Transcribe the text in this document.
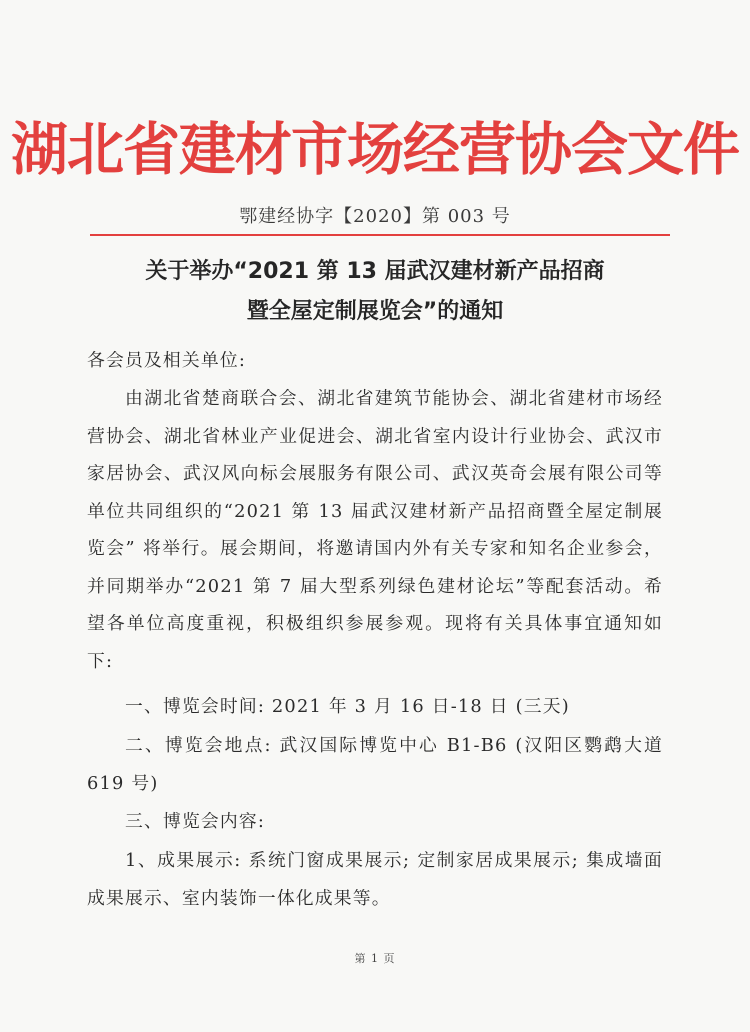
湖北省建材市场经营协会文件
鄂建经协字【2020】第 003 号
关于举办“2021 第 13 届武汉建材新产品招商
暨全屋定制展览会”的通知
各会员及相关单位:
由湖北省楚商联合会、湖北省建筑节能协会、湖北省建材市场经营协会、湖北省林业产业促进会、湖北省室内设计行业协会、武汉市家居协会、武汉风向标会展服务有限公司、武汉英奇会展有限公司等单位共同组织的“2021 第 13 届武汉建材新产品招商暨全屋定制展览会” 将举行。展会期间，将邀请国内外有关专家和知名企业参会，并同期举办“2021 第 7 届大型系列绿色建材论坛”等配套活动。希望各单位高度重视，积极组织参展参观。现将有关具体事宜通知如下:
一、博览会时间: 2021 年 3 月 16 日-18 日 (三天)
二、博览会地点: 武汉国际博览中心 B1-B6 (汉阳区鹦鹉大道 619 号)
三、博览会内容:
1、成果展示: 系统门窗成果展示; 定制家居成果展示; 集成墙面成果展示、室内装饰一体化成果等。
第 1 页
